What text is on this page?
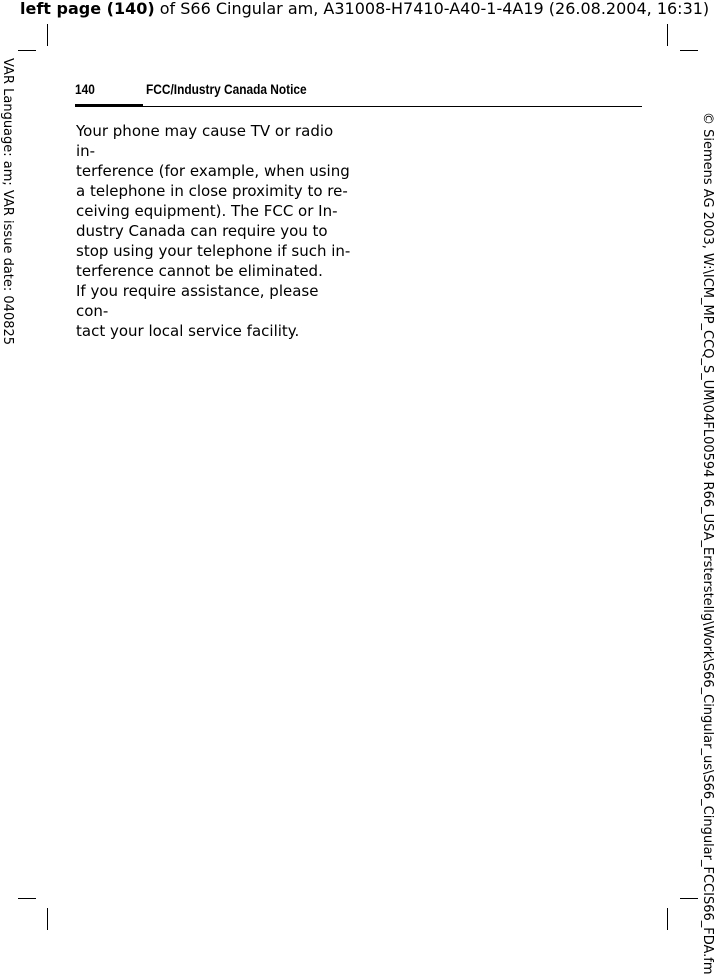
left page (140) of S66 Cingular am, A31008-H7410-A40-1-4A19 (26.08.2004, 16:31)
VAR Language: am; VAR issue date: 040825	© Siemens AG 2003, W:\ICM_MP_CCQ_S_UM\04FL00594 R66_USA_Ersterstellg\Work\S66_Cingular_us\S66_Cingular_FCCIS66_FDA.fm
140	FCC/Industry Canada Notice

Your phone may cause TV or radio in-

terference (for example, when using

a telephone in close proximity to re-

ceiving equipment). The FCC or In-

dustry Canada can require you to

stop using your telephone if such in-

terference cannot be eliminated.

If you require assistance, please con-

tact your local service facility.
